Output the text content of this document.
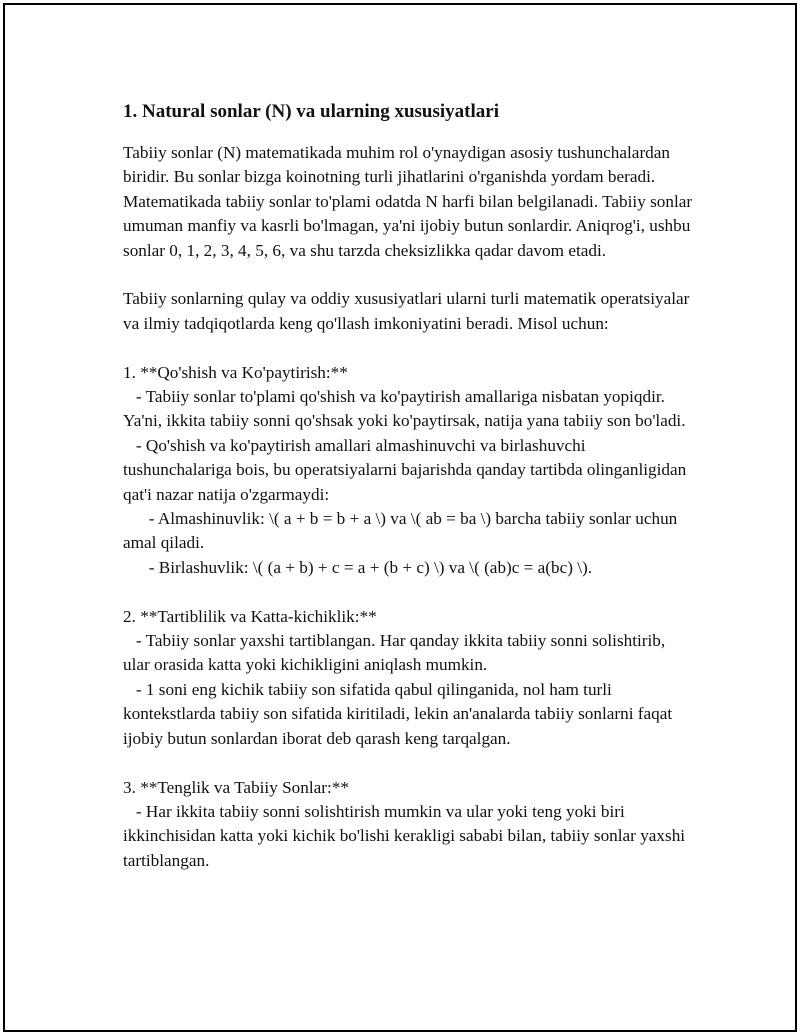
1. Natural sonlar (N) va ularning xususiyatlari

Tabiiy sonlar (N) matematikada muhim rol o'ynaydigan asosiy tushunchalardan biridir. Bu sonlar bizga koinotning turli jihatlarini o'rganishda yordam beradi. Matematikada tabiiy sonlar to'plami odatda N harfi bilan belgilanadi. Tabiiy sonlar umuman manfiy va kasrli bo'lmagan, ya'ni ijobiy butun sonlardir. Aniqrog'i, ushbu sonlar 0, 1, 2, 3, 4, 5, 6, va shu tarzda cheksizlikka qadar davom etadi.

Tabiiy sonlarning qulay va oddiy xususiyatlari ularni turli matematik operatsiyalar va ilmiy tadqiqotlarda keng qo'llash imkoniyatini beradi. Misol uchun:

1. **Qo'shish va Ko'paytirish:**

- Tabiiy sonlar to'plami qo'shish va ko'paytirish amallariga nisbatan yopiqdir. Ya'ni, ikkita tabiiy sonni qo'shsak yoki ko'paytirsak, natija yana tabiiy son bo'ladi.

- Qo'shish va ko'paytirish amallari almashinuvchi va birlashuvchi tushunchalariga bois, bu operatsiyalarni bajarishda qanday tartibda olinganligidan qat'i nazar natija o'zgarmaydi:

- Almashinuvlik: \( a + b = b + a \) va \( ab = ba \) barcha tabiiy sonlar uchun amal qiladi.

- Birlashuvlik: \( (a + b) + c = a + (b + c) \) va \( (ab)c = a(bc) \).

2. **Tartiblilik va Katta-kichiklik:**

- Tabiiy sonlar yaxshi tartiblangan. Har qanday ikkita tabiiy sonni solishtirib, ular orasida katta yoki kichikligini aniqlash mumkin.

- 1 soni eng kichik tabiiy son sifatida qabul qilinganida, nol ham turli kontekstlarda tabiiy son sifatida kiritiladi, lekin an'analarda tabiiy sonlarni faqat ijobiy butun sonlardan iborat deb qarash keng tarqalgan.

3. **Tenglik va Tabiiy Sonlar:**

- Har ikkita tabiiy sonni solishtirish mumkin va ular yoki teng yoki biri ikkinchisidan katta yoki kichik bo'lishi kerakligi sababi bilan, tabiiy sonlar yaxshi tartiblangan.
